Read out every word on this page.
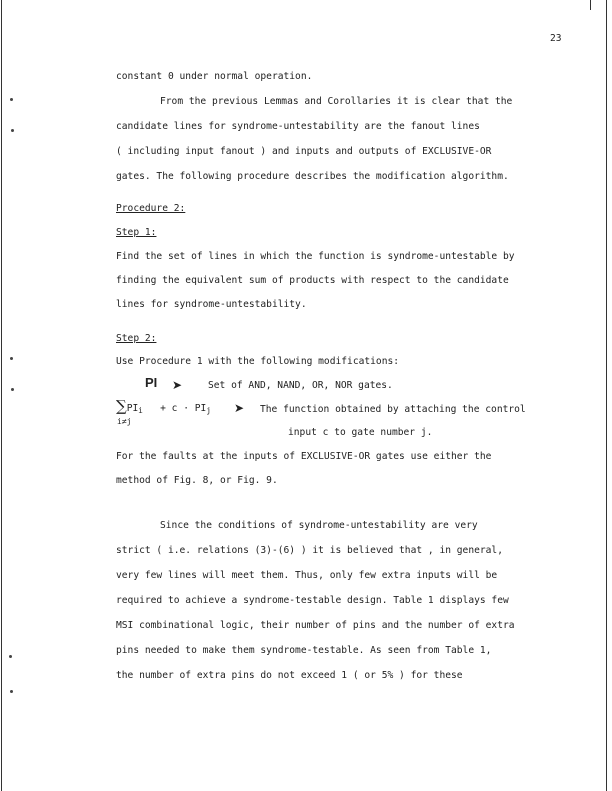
23
constant 0 under normal operation.
From the previous Lemmas and Corollaries it is clear that the
candidate lines for syndrome-untestability are the fanout lines
( including input fanout ) and inputs and outputs of EXCLUSIVE-OR
gates. The following procedure describes the modification algorithm.
Procedure 2:
Step 1:
Find the set of lines in which the function is syndrome-untestable by
finding the equivalent sum of products with respect to the candidate
lines for syndrome-untestability.
Step 2:
Use Procedure 1 with the following modifications:
PI ➤	Set of AND, NAND, OR, NOR gates.
$\sum PI_i + c \cdot PI_j$
i≠j
➤ The function obtained by attaching the control
input c to gate number j.
For the faults at the inputs of EXCLUSIVE-OR gates use either the
method of Fig. 8, or Fig. 9.
Since the conditions of syndrome-untestability are very
strict ( i.e. relations (3)-(6) ) it is believed that , in general,
very few lines will meet them. Thus, only few extra inputs will be
required to achieve a syndrome-testable design. Table 1 displays few
MSI combinational logic, their number of pins and the number of extra
pins needed to make them syndrome-testable. As seen from Table 1,
the number of extra pins do not exceed 1 ( or 5% ) for these
